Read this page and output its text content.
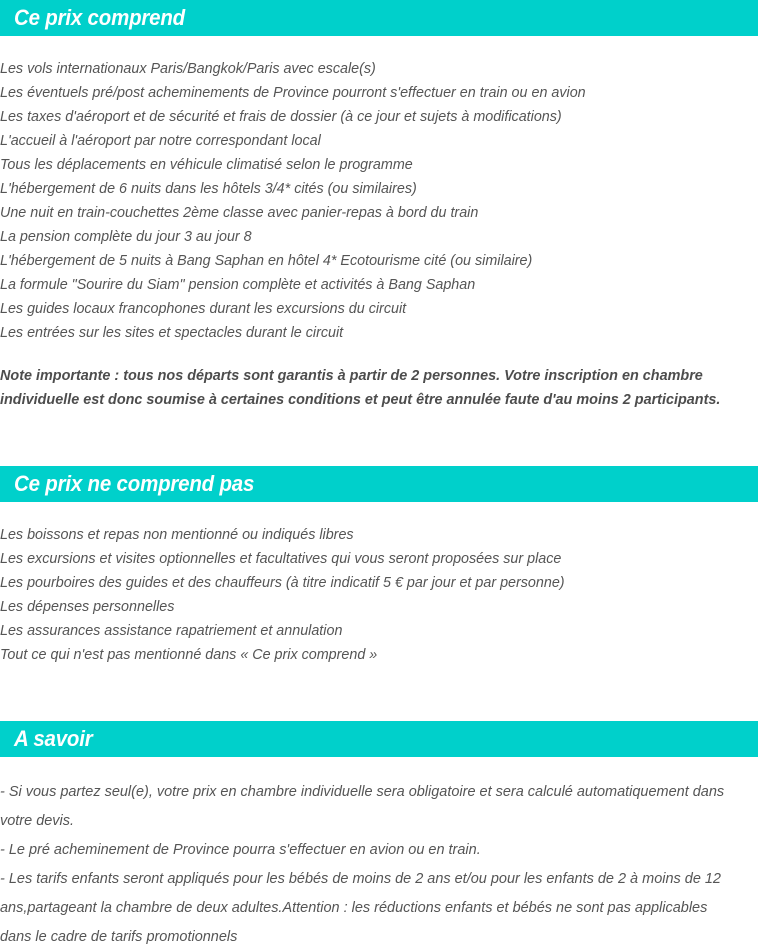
Ce prix comprend
Les vols internationaux Paris/Bangkok/Paris avec escale(s)
Les éventuels pré/post acheminements de Province pourront s'effectuer en train ou en avion
Les taxes d'aéroport et de sécurité et frais de dossier (à ce jour et sujets à modifications)
L'accueil à l'aéroport par notre correspondant local
Tous les déplacements en véhicule climatisé selon le programme
L'hébergement de 6 nuits dans les hôtels 3/4* cités (ou similaires)
Une nuit en train-couchettes 2ème classe avec panier-repas à bord du train
La pension complète du jour 3 au jour 8
L'hébergement de 5 nuits à Bang Saphan en hôtel 4* Ecotourisme cité (ou similaire)
La formule "Sourire du Siam" pension complète et activités à Bang Saphan
Les guides locaux francophones durant les excursions du circuit
Les entrées sur les sites et spectacles durant le circuit
Note importante : tous nos départs sont garantis à partir de 2 personnes. Votre inscription en chambre individuelle est donc soumise à certaines conditions et peut être annulée faute d'au moins 2 participants.
Ce prix ne comprend pas
Les boissons et repas non mentionné ou indiqués libres
Les excursions et visites optionnelles et facultatives qui vous seront proposées sur place
Les pourboires des guides et des chauffeurs (à titre indicatif 5 € par jour et par personne)
Les dépenses personnelles
Les assurances assistance rapatriement et annulation
Tout ce qui n'est pas mentionné dans « Ce prix comprend »
A savoir
- Si vous partez seul(e), votre prix en chambre individuelle sera obligatoire et sera calculé automatiquement dans votre devis.
- Le pré acheminement de Province pourra s'effectuer en avion ou en train.
- Les tarifs enfants seront appliqués pour les bébés de moins de 2 ans et/ou pour les enfants de 2 à moins de 12 ans,partageant la chambre de deux adultes.Attention : les réductions enfants et bébés ne sont pas applicables dans le cadre de tarifs promotionnels
